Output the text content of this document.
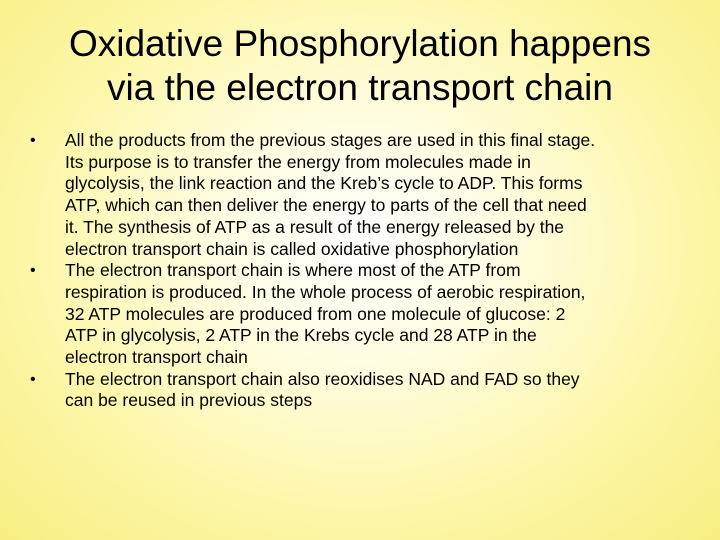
Oxidative Phosphorylation happens
via the electron transport chain
• All the products from the previous stages are used in this final stage.
Its purpose is to transfer the energy from molecules made in
glycolysis, the link reaction and the Kreb’s cycle to ADP. This forms
ATP, which can then deliver the energy to parts of the cell that need
it. The synthesis of ATP as a result of the energy released by the
electron transport chain is called oxidative phosphorylation
• The electron transport chain is where most of the ATP from
respiration is produced. In the whole process of aerobic respiration,
32 ATP molecules are produced from one molecule of glucose: 2
ATP in glycolysis, 2 ATP in the Krebs cycle and 28 ATP in the
electron transport chain
• The electron transport chain also reoxidises NAD and FAD so they
can be reused in previous steps
